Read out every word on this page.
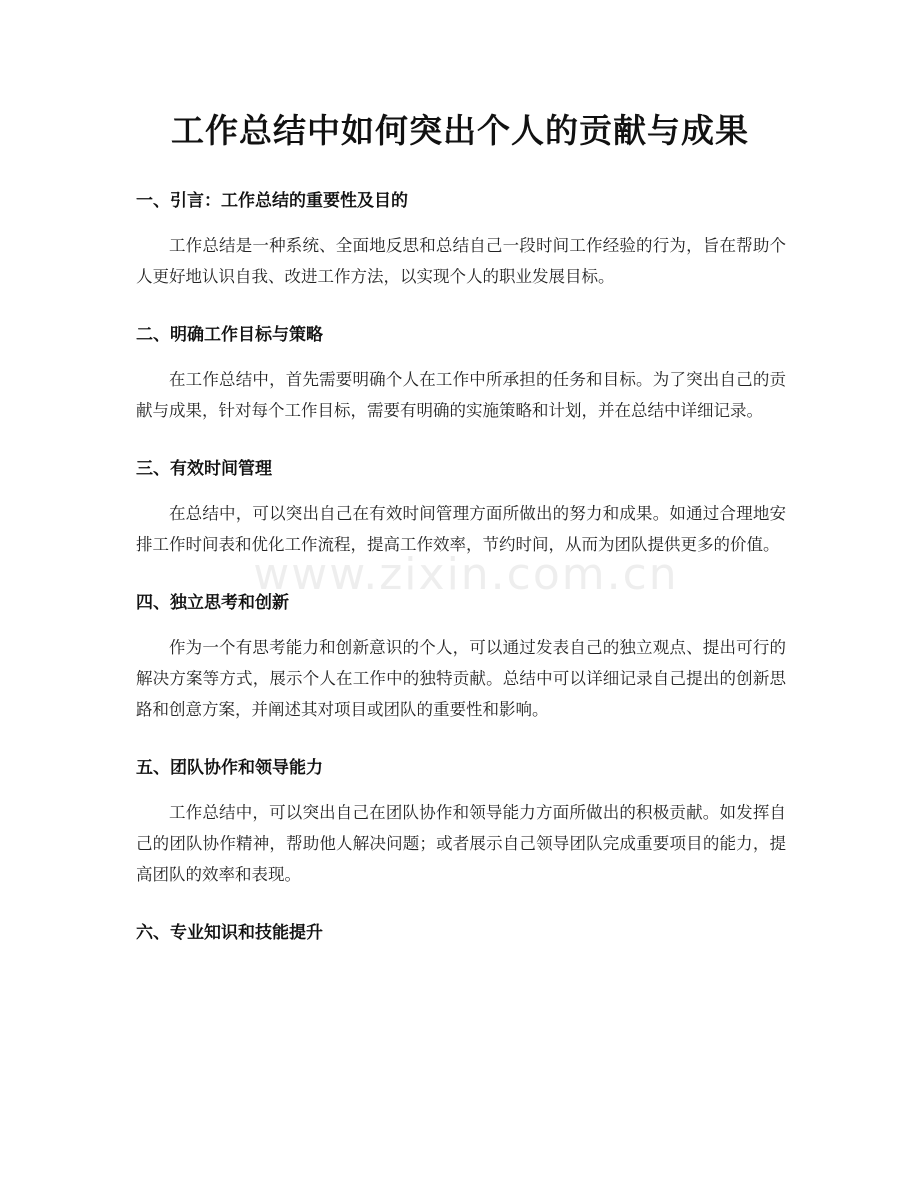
工作总结中如何突出个人的贡献与成果
www.zixin.com.cn
一、引言：工作总结的重要性及目的

工作总结是一种系统、全面地反思和总结自己一段时间工作经验的行为，旨在帮助个人更好地认识自我、改进工作方法，以实现个人的职业发展目标。

二、明确工作目标与策略

在工作总结中，首先需要明确个人在工作中所承担的任务和目标。为了突出自己的贡献与成果，针对每个工作目标，需要有明确的实施策略和计划，并在总结中详细记录。

三、有效时间管理

在总结中，可以突出自己在有效时间管理方面所做出的努力和成果。如通过合理地安排工作时间表和优化工作流程，提高工作效率，节约时间，从而为团队提供更多的价值。

四、独立思考和创新

作为一个有思考能力和创新意识的个人，可以通过发表自己的独立观点、提出可行的解决方案等方式，展示个人在工作中的独特贡献。总结中可以详细记录自己提出的创新思路和创意方案，并阐述其对项目或团队的重要性和影响。

五、团队协作和领导能力

工作总结中，可以突出自己在团队协作和领导能力方面所做出的积极贡献。如发挥自己的团队协作精神，帮助他人解决问题；或者展示自己领导团队完成重要项目的能力，提高团队的效率和表现。

六、专业知识和技能提升
